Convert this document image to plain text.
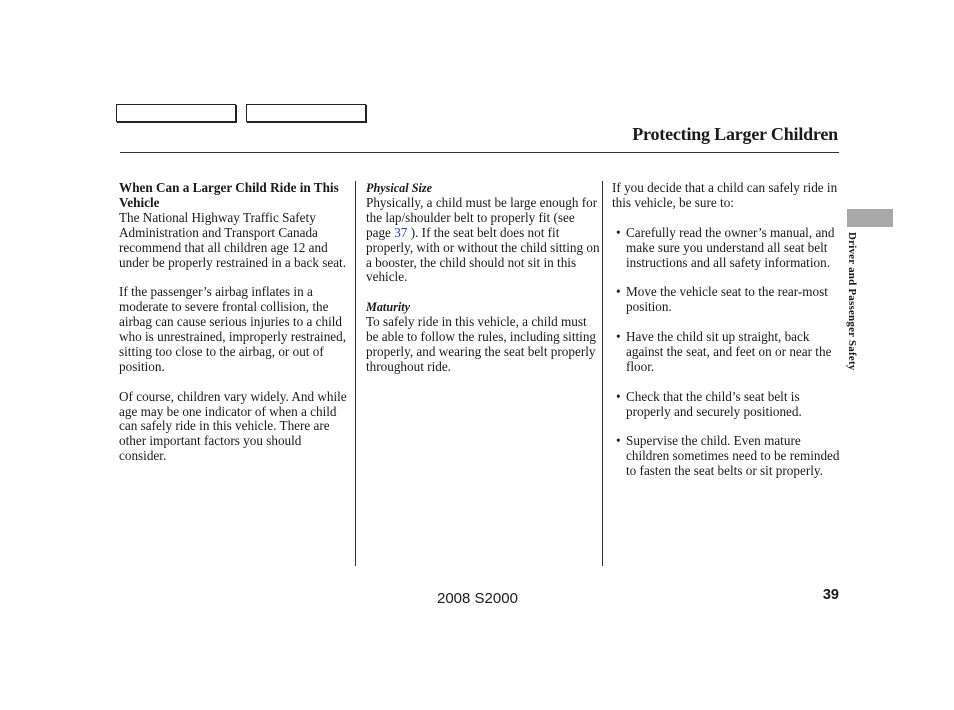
Protecting Larger Children
When Can a Larger Child Ride in This Vehicle

The National Highway Traffic Safety Administration and Transport Canada recommend that all children age 12 and under be properly restrained in a back seat.

If the passenger’s airbag inflates in a moderate to severe frontal collision, the airbag can cause serious injuries to a child who is unrestrained, improperly restrained, sitting too close to the airbag, or out of position.

Of course, children vary widely. And while age may be one indicator of when a child can safely ride in this vehicle. There are other important factors you should consider.

Physical Size

Physically, a child must be large enough for the lap/shoulder belt to properly fit (see page 37 ). If the seat belt does not fit properly, with or without the child sitting on a booster, the child should not sit in this vehicle.

Maturity

To safely ride in this vehicle, a child must be able to follow the rules, including sitting properly, and wearing the seat belt properly throughout ride.

If you decide that a child can safely ride in this vehicle, be sure to:

• Carefully read the owner’s manual, and make sure you understand all seat belt instructions and all safety information.
• Move the vehicle seat to the rear-most position.
• Have the child sit up straight, back against the seat, and feet on or near the floor.
• Check that the child’s seat belt is properly and securely positioned.
• Supervise the child. Even mature children sometimes need to be reminded to fasten the seat belts or sit properly.
Driver and Passenger Safety
2008 S2000	39
